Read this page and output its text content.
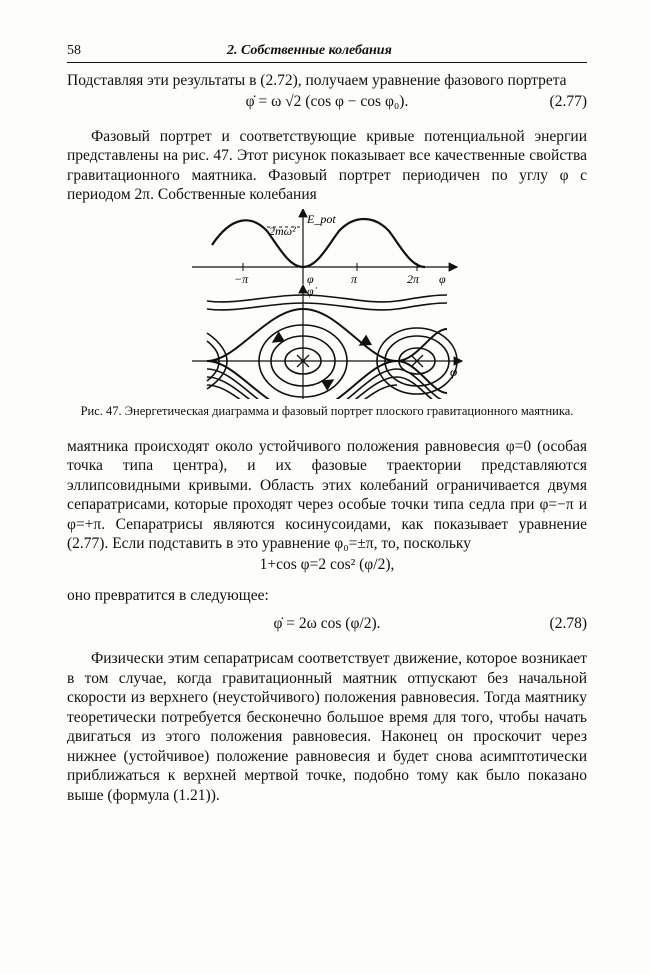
58	2. Собственные колебания

Подставляя эти результаты в (2.72), получаем уравнение фазового портрета

φ̇ = ω √2 (cos φ − cos φ₀).	(2.77)

Фазовый портрет и соответствующие кривые потенциальной энергии представлены на рис. 47. Этот рисунок показывает все качественные свойства гравитационного маятника. Фазовый портрет периодичен по углу φ с периодом 2π. Собственные колебания

E_pot
2mω²
−π	φ	π	2π φ
φ̇
φ
Рис. 47. Энергетическая диаграмма и фазовый портрет плоского гравитационного маятника.

маятника происходят около устойчивого положения равновесия φ=0 (особая точка типа центра), и их фазовые траектории представляются эллипсовидными кривыми. Область этих колебаний ограничивается двумя сепаратрисами, которые проходят через особые точки типа седла при φ=−π и φ=+π. Сепаратрисы являются косинусоидами, как показывает уравнение (2.77). Если подставить в это уравнение φ₀=±π, то, поскольку

1+cos φ=2 cos² (φ/2),

оно превратится в следующее:

φ̇ = 2ω cos (φ/2).	(2.78)

Физически этим сепаратрисам соответствует движение, которое возникает в том случае, когда гравитационный маятник отпускают без начальной скорости из верхнего (неустойчивого) положения равновесия. Тогда маятнику теоретически потребуется бесконечно большое время для того, чтобы начать двигаться из этого положения равновесия. Наконец он проскочит через нижнее (устойчивое) положение равновесия и будет снова асимптотически приближаться к верхней мертвой точке, подобно тому как было показано выше (формула (1.21)).
